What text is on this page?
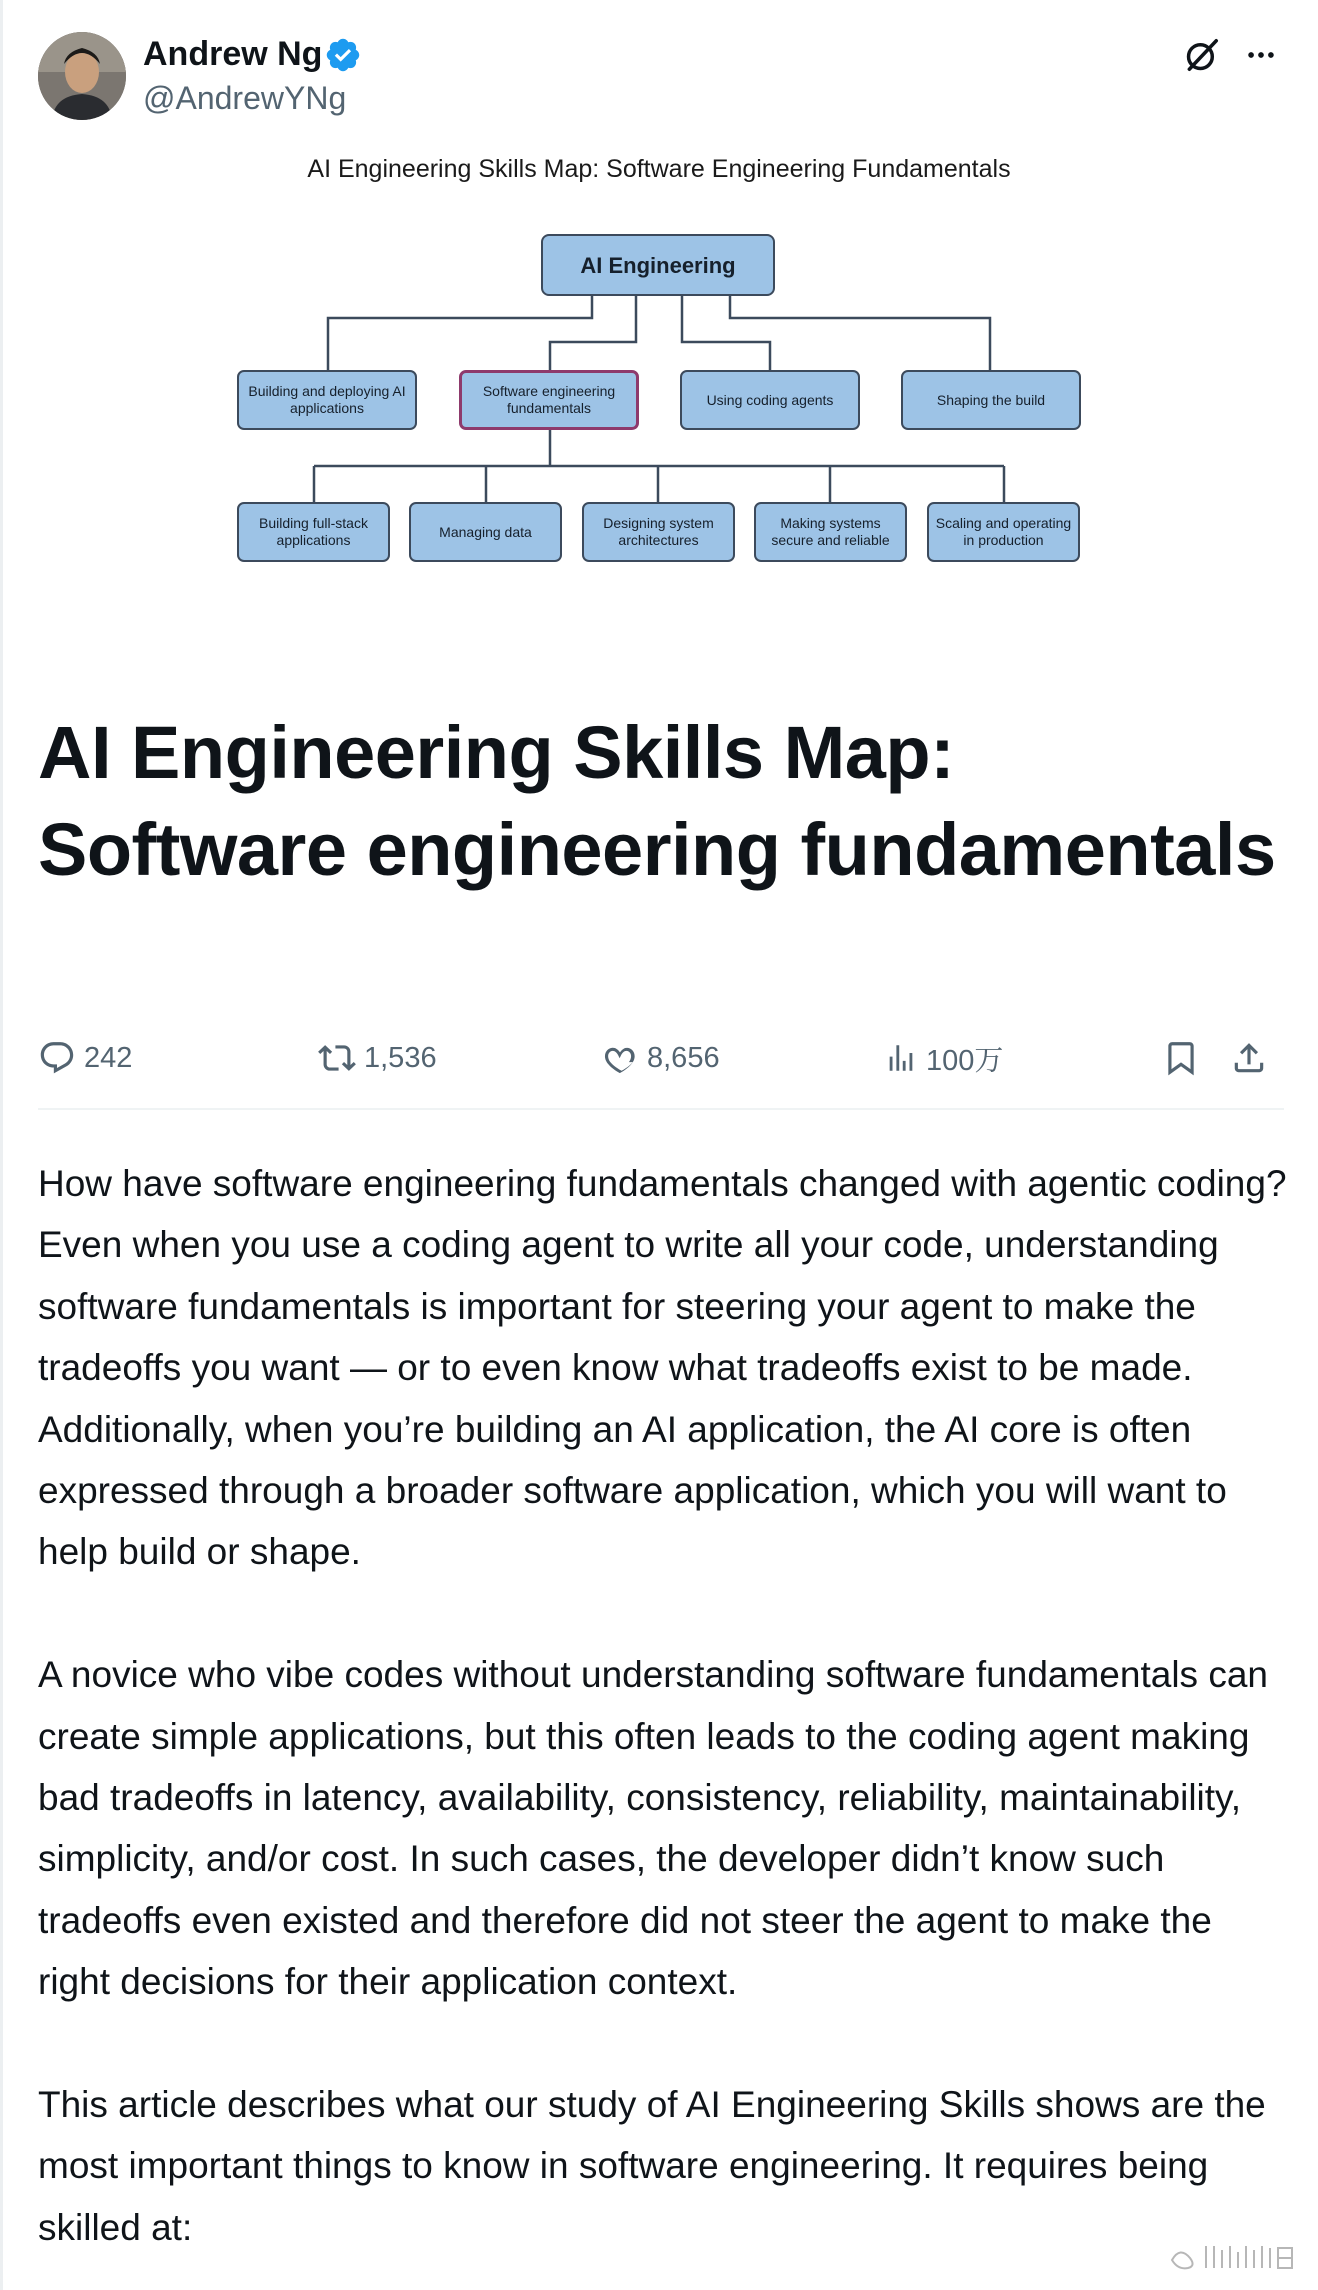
Andrew Ng
@AndrewYNg
AI Engineering Skills Map: Software Engineering Fundamentals
AI Engineering
Building and deploying AI applications
Software engineering fundamentals
Using coding agents	Shaping the build
Building full-stack applications
Managing data
Designing system architectures
Making systems secure and reliable
Scaling and operating in production
AI Engineering Skills Map: Software engineering fundamentals
242	1,536	8,656	100万

How have software engineering fundamentals changed with agentic coding? Even when you use a coding agent to write all your code, understanding software fundamentals is important for steering your agent to make the tradeoffs you want — or to even know what tradeoffs exist to be made. Additionally, when you’re building an AI application, the AI core is often expressed through a broader software application, which you will want to help build or shape.

A novice who vibe codes without understanding software fundamentals can create simple applications, but this often leads to the coding agent making bad tradeoffs in latency, availability, consistency, reliability, maintainability, simplicity, and/or cost. In such cases, the developer didn’t know such tradeoffs even existed and therefore did not steer the agent to make the right decisions for their application context.

This article describes what our study of AI Engineering Skills shows are the most important things to know in software engineering. It requires being skilled at:
